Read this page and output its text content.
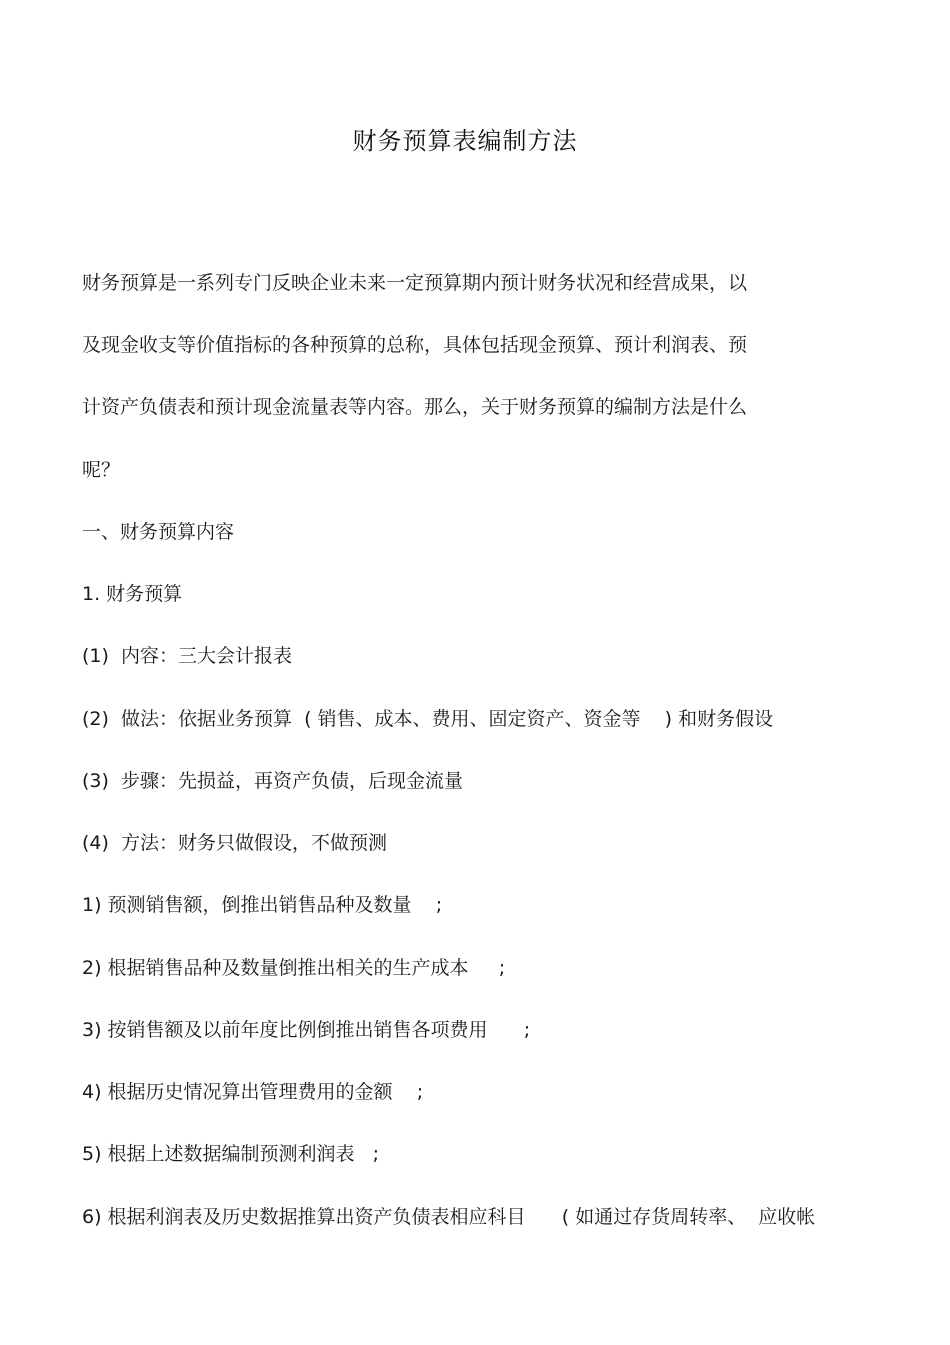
财务预算表编制方法
财务预算是一系列专门反映企业未来一定预算期内预计财务状况和经营成果，以
及现金收支等价值指标的各种预算的总称，具体包括现金预算、预计利润表、预
计资产负债表和预计现金流量表等内容。那么，关于财务预算的编制方法是什么
呢？
一、财务预算内容
1. 财务预算
(1)  内容：三大会计报表
(2)  做法：依据业务预算  ( 销售、成本、费用、固定资产、资金等    ) 和财务假设
(3)  步骤：先损益，再资产负债，后现金流量
(4)  方法：财务只做假设，不做预测
1) 预测销售额，倒推出销售品种及数量    ;
2) 根据销售品种及数量倒推出相关的生产成本     ;
3) 按销售额及以前年度比例倒推出销售各项费用      ;
4) 根据历史情况算出管理费用的金额    ;
5) 根据上述数据编制预测利润表   ;
6) 根据利润表及历史数据推算出资产负债表相应科目      ( 如通过存货周转率、  应收帐
